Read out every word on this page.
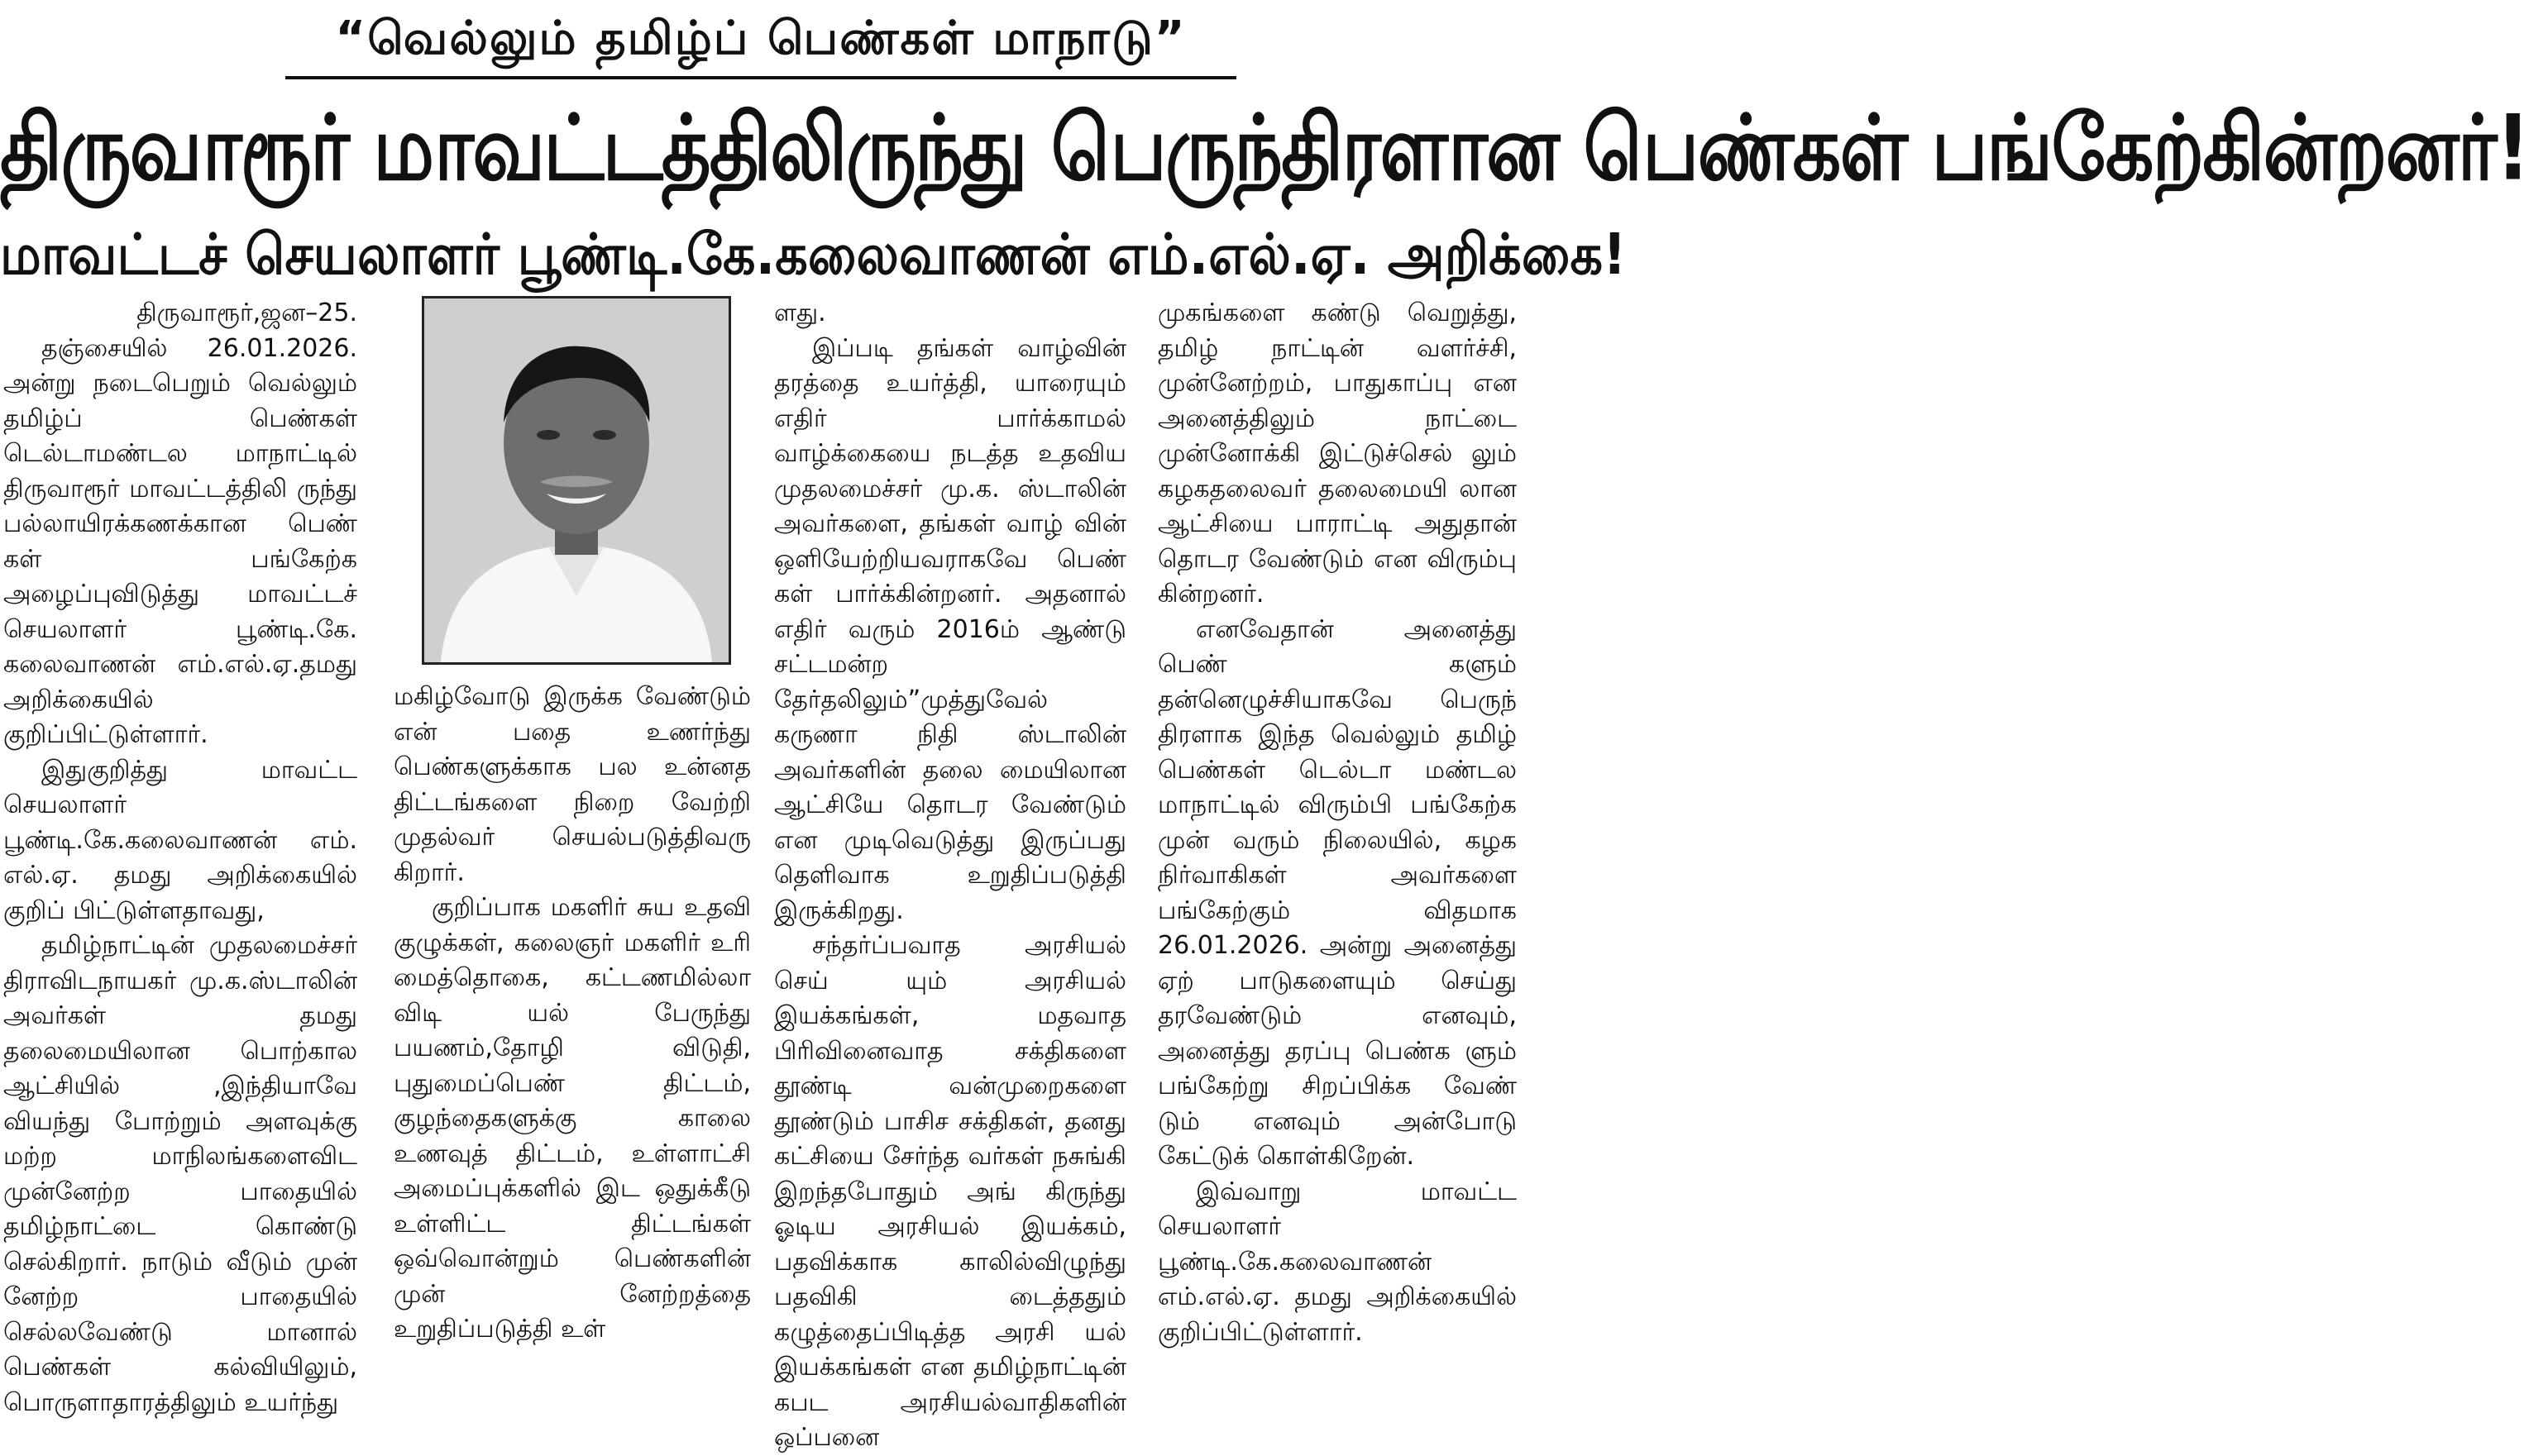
“வெல்லும் தமிழ்ப் பெண்கள் மாநாடு”
திருவாரூர் மாவட்டத்திலிருந்து பெருந்திரளான பெண்கள் பங்கேற்கின்றனர்!
மாவட்டச் செயலாளர் பூண்டி.கே.கலைவாணன் எம்.எல்.ஏ. அறிக்கை!

திருவாரூர்,ஜன–25.

தஞ்சையில் 26.01.2026. அன்று நடைபெறும் வெல்லும் தமிழ்ப் பெண்கள் டெல்டாமண்டல மாநாட்டில் திருவாரூர் மாவட்டத்திலி ருந்து பல்லாயிரக்கணக்கான பெண் கள் பங்கேற்க அழைப்புவிடுத்து மாவட்டச் செயலாளர் பூண்டி.கே. கலைவாணன் எம்.எல்.ஏ.தமது அறிக்கையில் குறிப்பிட்டுள்ளார்.

இதுகுறித்து மாவட்ட செயலாளர் பூண்டி.கே.கலைவாணன் எம். எல்.ஏ. தமது அறிக்கையில் குறிப் பிட்டுள்ளதாவது,

தமிழ்நாட்டின் முதலமைச்சர் திராவிடநாயகர் மு.க.ஸ்டாலின் அவர்கள் தமது தலைமையிலான பொற்கால ஆட்சியில் ,இந்தியாவே வியந்து போற்றும் அளவுக்கு மற்ற மாநிலங்களைவிட முன்னேற்ற பாதையில் தமிழ்நாட்டை கொண்டு செல்கிறார். நாடும் வீடும் முன் னேற்ற பாதையில் செல்லவேண்டு மானால் பெண்கள் கல்வியிலும், பொருளாதாரத்திலும் உயர்ந்து

மகிழ்வோடு இருக்க வேண்டும் என் பதை உணர்ந்து பெண்களுக்காக பல உன்னத திட்டங்களை நிறை வேற்றி முதல்வர் செயல்படுத்திவரு கிறார்.

குறிப்பாக மகளிர் சுய உதவி குழுக்கள், கலைஞர் மகளிர் உரி மைத்தொகை, கட்டணமில்லா விடி யல் பேருந்து பயணம்,தோழி விடுதி, புதுமைப்பெண் திட்டம், குழந்தைகளுக்கு காலை உணவுத் திட்டம், உள்ளாட்சி அமைப்புக்களில் இட ஒதுக்கீடு உள்ளிட்ட திட்டங்கள் ஒவ்வொன்றும் பெண்களின் முன் னேற்றத்தை உறுதிப்படுத்தி உள்

ளது.

இப்படி தங்கள் வாழ்வின் தரத்தை உயர்த்தி, யாரையும் எதிர் பார்க்காமல் வாழ்க்கையை நடத்த உதவிய முதலமைச்சர் மு.க. ஸ்டாலின் அவர்களை, தங்கள் வாழ் வின் ஒளியேற்றியவராகவே பெண் கள் பார்க்கின்றனர். அதனால் எதிர் வரும் 2016ம் ஆண்டு சட்டமன்ற தேர்தலிலும்”முத்துவேல் கருணா நிதி ஸ்டாலின் அவர்களின் தலை மையிலான ஆட்சியே தொடர வேண்டும் என முடிவெடுத்து இருப்பது தெளிவாக உறுதிப்படுத்தி இருக்கிறது.

சந்தர்ப்பவாத அரசியல் செய் யும் அரசியல் இயக்கங்கள், மதவாத பிரிவினைவாத சக்திகளை தூண்டி வன்முறைகளை தூண்டும் பாசிச சக்திகள், தனது கட்சியை சேர்ந்த வர்கள் நசுங்கி இறந்தபோதும் அங் கிருந்து ஓடிய அரசியல் இயக்கம், பதவிக்காக காலில்விழுந்து பதவிகி டைத்ததும் கழுத்தைப்பிடித்த அரசி யல் இயக்கங்கள் என தமிழ்நாட்டின் கபட அரசியல்வாதிகளின் ஒப்பனை

முகங்களை கண்டு வெறுத்து, தமிழ் நாட்டின் வளர்ச்சி, முன்னேற்றம், பாதுகாப்பு என அனைத்திலும் நாட்டை முன்னோக்கி இட்டுச்செல் லும் கழகதலைவர் தலைமையி லான ஆட்சியை பாராட்டி அதுதான் தொடர வேண்டும் என விரும்பு கின்றனர்.

எனவேதான் அனைத்து பெண் களும் தன்னெழுச்சியாகவே பெருந் திரளாக இந்த வெல்லும் தமிழ் பெண்கள் டெல்டா மண்டல மாநாட்டில் விரும்பி பங்கேற்க முன் வரும் நிலையில், கழக நிர்வாகிகள் அவர்களை பங்கேற்கும் விதமாக 26.01.2026. அன்று அனைத்து ஏற் பாடுகளையும் செய்து தரவேண்டும் எனவும், அனைத்து தரப்பு பெண்க ளும் பங்கேற்று சிறப்பிக்க வேண் டும் எனவும் அன்போடு கேட்டுக் கொள்கிறேன்.

இவ்வாறு மாவட்ட செயலாளர் பூண்டி.கே.கலைவாணன் எம்.எல்.ஏ. தமது அறிக்கையில் குறிப்பிட்டுள்ளார்.
